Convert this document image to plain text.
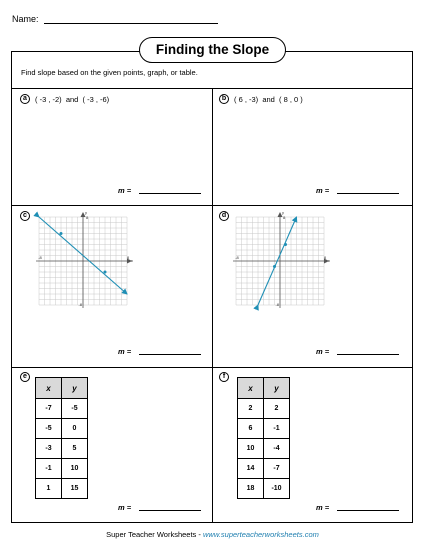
Name:
Finding the Slope
Find slope based on the given points, graph, or table.
a	( -3 , -2)  and  ( -3 , -6)
m =
b	( 6 , -3)  and  ( 8 , 0 )
m =
c
8
-8
8
-8
x
y
m =
d
8
-8
8
-8
x
y
m =
e
x	y
-7	-5
-5	0
-3	5
-1	10
1	15
m =
f
x	y
2	2
6	-1
10	-4
14	-7
18	-10
m =
Super Teacher Worksheets - www.superteacherworksheets.com
